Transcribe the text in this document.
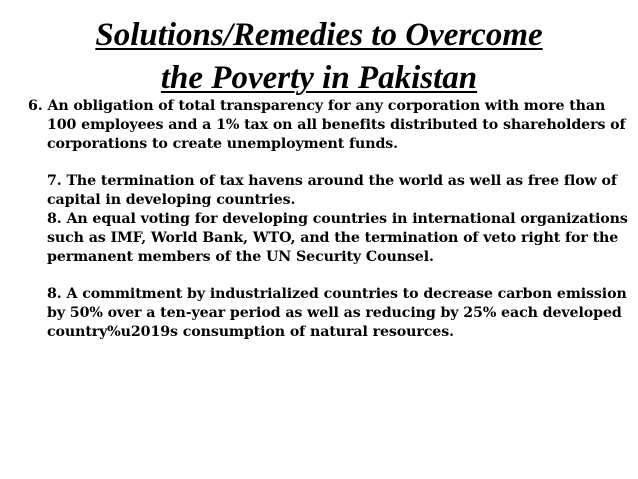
Solutions/Remedies to Overcome
the Poverty in Pakistan

6. An obligation of total transparency for any corporation with more than 100 employees and a 1% tax on all benefits distributed to shareholders of corporations to create unemployment funds.

7. The termination of tax havens around the world as well as free flow of capital in developing countries.

8. An equal voting for developing countries in international organizations such as IMF, World Bank, WTO, and the termination of veto right for the permanent members of the UN Security Counsel.

8. A commitment by industrialized countries to decrease carbon emission by 50% over a ten-year period as well as reducing by 25% each developed country%u2019s consumption of natural resources.
